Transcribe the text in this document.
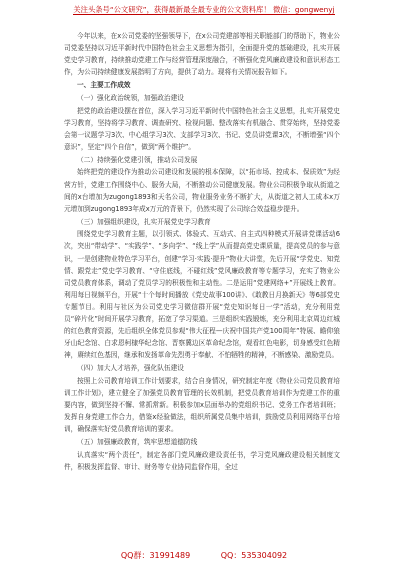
关注头条号“公文研究”，获得最新最全最专业的公文资料库！ 微信：gongwenyj

今年以来，在x公司党委的坚强领导下，在x公司党建部等相关职能部门的帮助下，物业公司党委坚持以习近平新时代中国特色社会主义思想为指引，全面提升党的基础建设，扎实开展党史学习教育，持续推动党建工作与经营管理深度融合，不断强化党风廉政建设和意识形态工作，为公司持续健康发展指明了方向，提供了动力。现将有关情况报告如下。

一、主要工作成效

（一）强化政治统领，加强政治建设

把党的政治建设摆在首位，深入学习习近平新时代中国特色社会主义思想，扎实开展党史学习教育，坚持将学习教育、调查研究、检视问题、整改落实有机融合、贯穿始终，坚持党委会第一议题学习3次、中心组学习3次、支部学习3次、书记、党员讲党课3次，不断增强“四个意识”，坚定“四个自信”，做到“两个维护”。

（二）持续强化党建引领，推动公司发展

始终把党的建设作为推动公司建设和发展的根本保障，以“拓市场、控成本、保质效”为经营方针，党建工作围绕中心、服务大局，不断推动公司健康发展。物业公司积极争取从街道之间的x台增加为zugong1893和天名公司，物业服务业务不断扩大，从街道之初人工成本x万元增加到zugong1893年成x万元的背景下，仍然实现了公司综合效益稳步提升。

（三）加强组织建设，扎实开展党史学习教育

围绕党史学习教育主题，以引领式、体验式、互动式、自主式四种模式开展讲党课活动6次，突出“带动学”、“实践学”、“多向学”、“线上学”从而提高党史课质量，提高党员的参与意识，一是创建物业特色学习平台，创建“学习·实践·提升”物业大讲堂，先后开展“学党史、知党情、跟党走”党史学习教育、“守住底线，不碰红线”党风廉政教育等专题学习，充实了物业公司党员教育体系，调动了党员学习的积极性和主动性。二是运用“党建网络+”开展线上教育。利用每日视频平台，开展“十个每时间播放《党史故事100讲》、《敢教日月换新天》等6部党史专题节目。利用与社区为公司党史学习微信群开展“党史知识每日一学”活动，充分利用党员“碎片化”时间开展学习教育，拓宽了学习渠道。三是组织实践锻炼，充分利用北京周边红城的红色教育资源，先后组织全体党员参观“伟大征程—庆祝中国共产党100周年”特展、瞻仰狼牙山纪念馆、白求恩柯棣华纪念馆、晋察冀边区革命纪念馆，观看红色电影，切身感受红色精神，赓续红色基因，继承和发扬革命先烈勇于奉献、不怕牺牲的精神，不断感染、激励党员。

（四）加大人才培养，强化队伍建设

按照上公司教育培训工作计划要求，结合自身情况，研究制定年度《物业公司党员教育培训工作计划》，建立健全了加强党员教育管理的长效机制，把党员教育培训作为党建工作的重要内容，做到坚持不懈、常抓常新。积极参加x层面举办的党组织书记、党务工作者培训班；发挥自身党建工作合力，借鉴x经验做法，组织所属党员集中培训，鼓励党员利用网络平台培训，确保落实好党员教育培训的要求。

（五）加强廉政教育，筑牢思想道德防线

认真落实“两个责任”，制定各部门党风廉政建设责任书，学习党风廉政建设相关制度文件，积极发挥监督、审计、财务等专业协同监督作用，全过

QQ群：31991489	QQ：535304092
